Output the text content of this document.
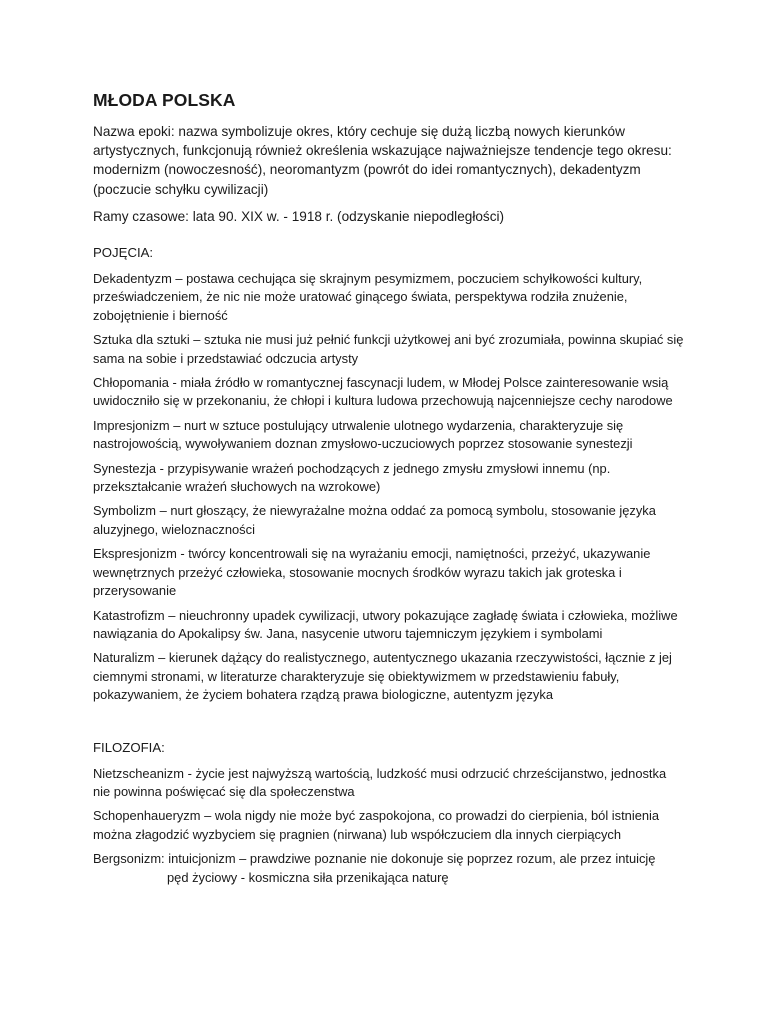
MŁODA POLSKA

Nazwa epoki: nazwa symbolizuje okres, który cechuje się dużą liczbą nowych kierunków artystycznych, funkcjonują również określenia wskazujące najważniejsze tendencje tego okresu: modernizm (nowoczesność), neoromantyzm (powrót do idei romantycznych), dekadentyzm (poczucie schyłku cywilizacji)

Ramy czasowe: lata 90. XIX w. - 1918 r. (odzyskanie niepodległości)

POJĘCIA:

Dekadentyzm – postawa cechująca się skrajnym pesymizmem, poczuciem schyłkowości kultury, przeświadczeniem, że nic nie może uratować ginącego świata, perspektywa rodziła znużenie, zobojętnienie i bierność

Sztuka dla sztuki – sztuka nie musi już pełnić funkcji użytkowej ani być zrozumiała, powinna skupiać się sama na sobie i przedstawiać odczucia artysty

Chłopomania - miała źródło w romantycznej fascynacji ludem, w Młodej Polsce zainteresowanie wsią uwidoczniło się w przekonaniu, że chłopi i kultura ludowa przechowują najcenniejsze cechy narodowe

Impresjonizm – nurt w sztuce postulujący utrwalenie ulotnego wydarzenia, charakteryzuje się nastrojowością, wywoływaniem doznan zmysłowo-uczuciowych poprzez stosowanie synestezji

Synestezja - przypisywanie wrażeń pochodzących z jednego zmysłu zmysłowi innemu (np. przekształcanie wrażeń słuchowych na wzrokowe)

Symbolizm – nurt głoszący, że niewyrażalne można oddać za pomocą symbolu, stosowanie języka aluzyjnego, wieloznaczności

Ekspresjonizm - twórcy koncentrowali się na wyrażaniu emocji, namiętności, przeżyć, ukazywanie wewnętrznych przeżyć człowieka, stosowanie mocnych środków wyrazu takich jak groteska i przerysowanie

Katastrofizm – nieuchronny upadek cywilizacji, utwory pokazujące zagładę świata i człowieka, możliwe nawiązania do Apokalipsy św. Jana, nasycenie utworu tajemniczym językiem i symbolami

Naturalizm – kierunek dążący do realistycznego, autentycznego ukazania rzeczywistości, łącznie z jej ciemnymi stronami, w literaturze charakteryzuje się obiektywizmem w przedstawieniu fabuły, pokazywaniem, że życiem bohatera rządzą prawa biologiczne, autentyzm języka

FILOZOFIA:

Nietzscheanizm - życie jest najwyższą wartością, ludzkość musi odrzucić chrześcijanstwo, jednostka nie powinna poświęcać się dla społeczenstwa

Schopenhaueryzm – wola nigdy nie może być zaspokojona, co prowadzi do cierpienia, ból istnienia można złagodzić wyzbyciem się pragnien (nirwana) lub współczuciem dla innych cierpiących

Bergsonizm: intuicjonizm – prawdziwe poznanie nie dokonuje się poprzez rozum, ale przez intuicję
pęd życiowy - kosmiczna siła przenikająca naturę
